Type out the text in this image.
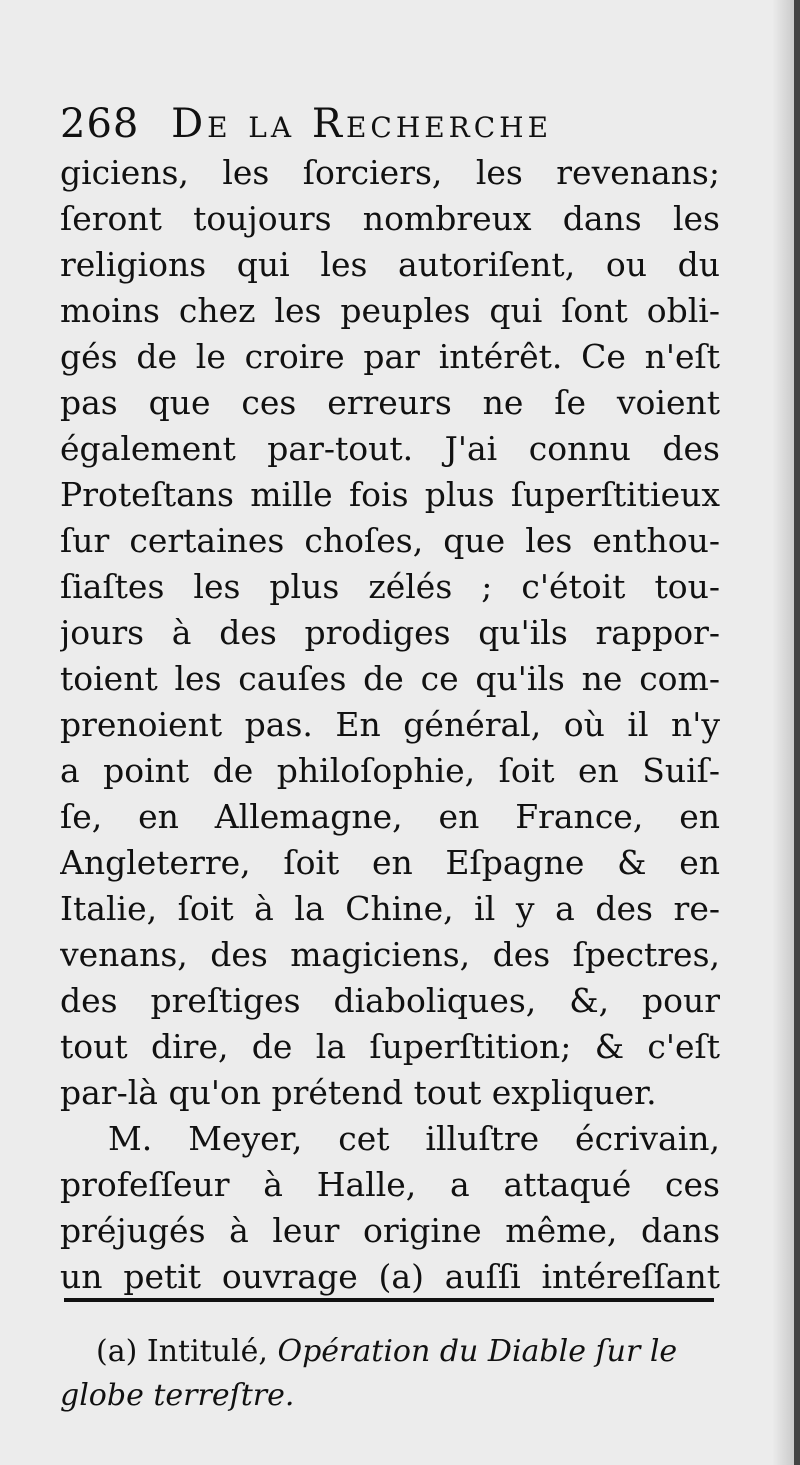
268 De la Recherche
giciens, les ſorciers, les revenans;
ſeront toujours nombreux dans les
religions qui les autoriſent, ou du
moins chez les peuples qui ſont obli-
gés de le croire par intérêt. Ce n'eſt
pas que ces erreurs ne ſe voient
également par-tout. J'ai connu des
Proteſtans mille fois plus ſuperſtitieux
ſur certaines choſes, que les enthou-
ſiaſtes les plus zélés ; c'étoit tou-
jours à des prodiges qu'ils rappor-
toient les cauſes de ce qu'ils ne com-
prenoient pas. En général, où il n'y
a point de philoſophie, ſoit en Suiſ-
ſe, en Allemagne, en France, en
Angleterre, ſoit en Eſpagne & en
Italie, ſoit à la Chine, il y a des re-
venans, des magiciens, des ſpectres,
des preſtiges diaboliques, &, pour
tout dire, de la ſuperſtition; & c'eſt
par-là qu'on prétend tout expliquer.
M. Meyer, cet illuſtre écrivain,
profeſſeur à Halle, a attaqué ces
préjugés à leur origine même, dans
un petit ouvrage (a) auſſi intéreſſant
(a) Intitulé, Opération du Diable ſur le
globe terreſtre.
